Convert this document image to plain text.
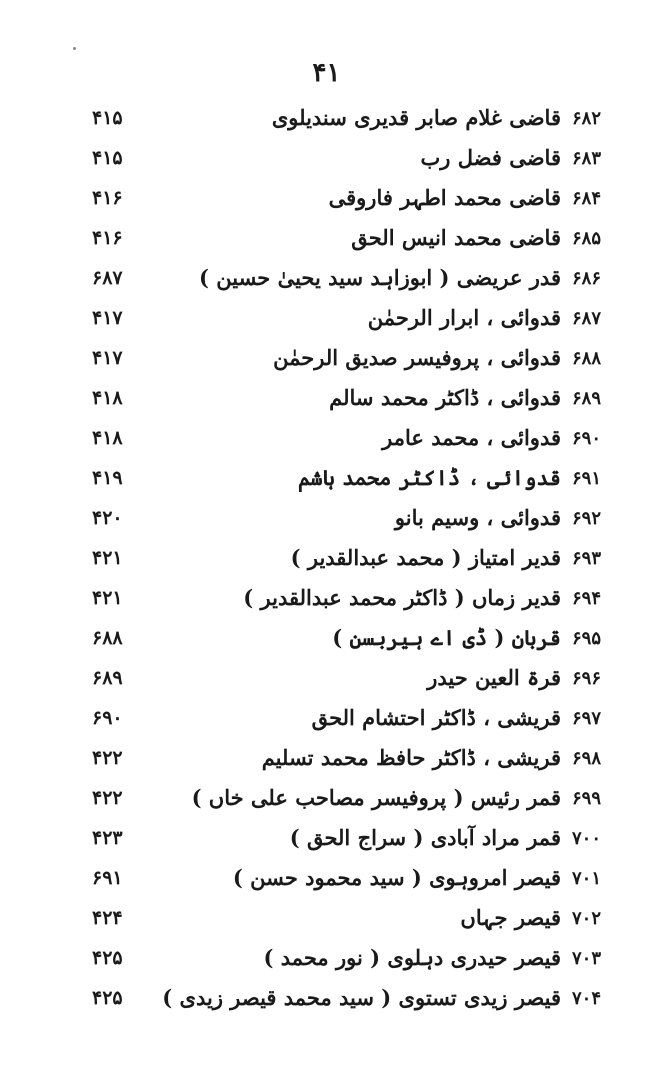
۴۱
۴۱۵	قاضی غلام صابر قدیری سندیلوی ۶۸۲
۴۱۵	قاضی فضل رب ۶۸۳
۴۱۶	قاضی محمد اطہر فاروقی ۶۸۴
۴۱۶	قاضی محمد انیس الحق ۶۸۵
۶۸۷	قدر عریضی ( ابوزاہد سید یحییٰ حسین ) ۶۸۶
۴۱۷	قدوائی ، ابرار الرحمٰن ۶۸۷
۴۱۷	قدوائی ، پروفیسر صدیق الرحمٰن ۶۸۸
۴۱۸	قدوائی ، ڈاکٹر محمد سالم ۶۸۹
۴۱۸	قدوائی ، محمد عامر ۶۹۰
۴۱۹	قدوائی ، ڈاکٹر محمد ہاشم ۶۹۱
۴۲۰	قدوائی ، وسیم بانو ۶۹۲
۴۲۱	قدیر امتیاز ( محمد عبدالقدیر ) ۶۹۳
۴۲۱	قدیر زماں ( ڈاکٹر محمد عبدالقدیر ) ۶۹۴
۶۸۸	قربان ( ڈی اے ہیربسن ) ۶۹۵
۶۸۹	قرۃ العین حیدر ۶۹۶
۶۹۰	قریشی ، ڈاکٹر احتشام الحق ۶۹۷
۴۲۲	قریشی ، ڈاکٹر حافظ محمد تسلیم ۶۹۸
۴۲۲	قمر رئیس ( پروفیسر مصاحب علی خاں ) ۶۹۹
۴۲۳	قمر مراد آبادی ( سراج الحق ) ۷۰۰
۶۹۱	قیصر امروہوی ( سید محمود حسن ) ۷۰۱
۴۲۴	قیصر جہاں ۷۰۲
۴۲۵	قیصر حیدری دہلوی ( نور محمد ) ۷۰۳
۴۲۵	قیصر زیدی تستوی ( سید محمد قیصر زیدی ) ۷۰۴
